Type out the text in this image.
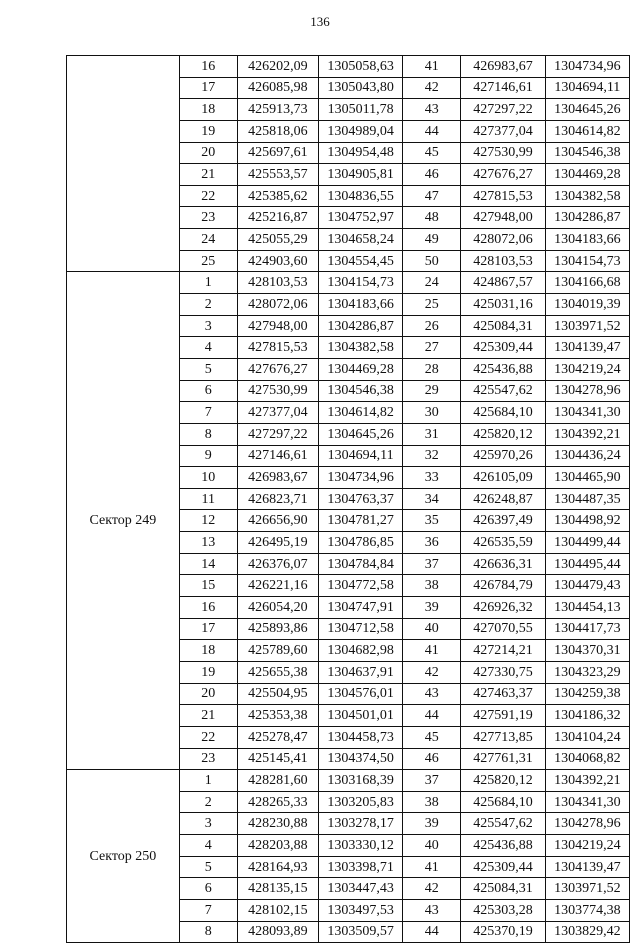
136
	16	426202,09	1305058,63	41	426983,67	1304734,96
	17	426085,98	1305043,80	42	427146,61	1304694,11
	18	425913,73	1305011,78	43	427297,22	1304645,26
	19	425818,06	1304989,04	44	427377,04	1304614,82
	20	425697,61	1304954,48	45	427530,99	1304546,38
	21	425553,57	1304905,81	46	427676,27	1304469,28
	22	425385,62	1304836,55	47	427815,53	1304382,58
	23	425216,87	1304752,97	48	427948,00	1304286,87
	24	425055,29	1304658,24	49	428072,06	1304183,66
	25	424903,60	1304554,45	50	428103,53	1304154,73
Сектор 249	1	428103,53	1304154,73	24	424867,57	1304166,68
	2	428072,06	1304183,66	25	425031,16	1304019,39
	3	427948,00	1304286,87	26	425084,31	1303971,52
	4	427815,53	1304382,58	27	425309,44	1304139,47
	5	427676,27	1304469,28	28	425436,88	1304219,24
	6	427530,99	1304546,38	29	425547,62	1304278,96
	7	427377,04	1304614,82	30	425684,10	1304341,30
	8	427297,22	1304645,26	31	425820,12	1304392,21
	9	427146,61	1304694,11	32	425970,26	1304436,24
	10	426983,67	1304734,96	33	426105,09	1304465,90
	11	426823,71	1304763,37	34	426248,87	1304487,35
	12	426656,90	1304781,27	35	426397,49	1304498,92
	13	426495,19	1304786,85	36	426535,59	1304499,44
	14	426376,07	1304784,84	37	426636,31	1304495,44
	15	426221,16	1304772,58	38	426784,79	1304479,43
	16	426054,20	1304747,91	39	426926,32	1304454,13
	17	425893,86	1304712,58	40	427070,55	1304417,73
	18	425789,60	1304682,98	41	427214,21	1304370,31
	19	425655,38	1304637,91	42	427330,75	1304323,29
	20	425504,95	1304576,01	43	427463,37	1304259,38
	21	425353,38	1304501,01	44	427591,19	1304186,32
	22	425278,47	1304458,73	45	427713,85	1304104,24
	23	425145,41	1304374,50	46	427761,31	1304068,82
Сектор 250	1	428281,60	1303168,39	37	425820,12	1304392,21
	2	428265,33	1303205,83	38	425684,10	1304341,30
	3	428230,88	1303278,17	39	425547,62	1304278,96
	4	428203,88	1303330,12	40	425436,88	1304219,24
	5	428164,93	1303398,71	41	425309,44	1304139,47
	6	428135,15	1303447,43	42	425084,31	1303971,52
	7	428102,15	1303497,53	43	425303,28	1303774,38
	8	428093,89	1303509,57	44	425370,19	1303829,42
